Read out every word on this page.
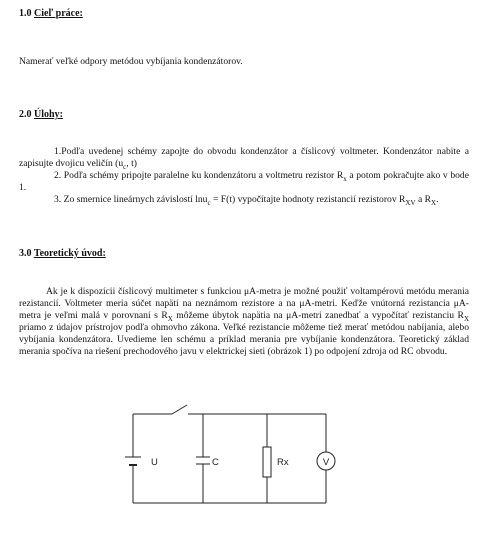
1.0 Cieľ práce:
Namerať veľké odpory metódou vybíjania kondenzátorov.
2.0 Úlohy:
1.Podľa uvedenej schémy zapojte do obvodu kondenzátor a číslicový voltmeter. Kondenzátor nabite a zapisujte dvojicu veličín ($u_c$, t)
2. Podľa schémy pripojte paralelne ku kondenzátoru a voltmetru rezistor $R_x$ a potom pokračujte ako v bode 1.
3. Zo smernice lineárnych závislostí lnu$_c$ = F(t) vypočítajte hodnoty rezistancií rezistorov $R_{XV}$ a $R_X$.
3.0 Teoretický úvod:
Ak je k dispozícii číslicový multimeter s funkciou μA-metra je možné použiť voltampérovú metódu merania rezistancií. Voltmeter meria súčet napätí na neznámom rezistore a na μA-metri. Keďže vnútorná rezistancia μA-metra je veľmi malá v porovnaní s $R_X$ môžeme úbytok napätia na μA-metri zanedbať a vypočítať rezistanciu $R_X$ priamo z údajov prístrojov podľa ohmovho zákona. Veľké rezistancie môžeme tiež merať metódou nabíjania, alebo vybíjania kondenzátora. Uvedieme len schému a príklad merania pre vybíjanie kondenzátora. Teoretický základ merania spočíva na riešení prechodového javu v elektrickej sieti (obrázok 1) po odpojení zdroja od RC obvodu.
U	C	Rx	V
